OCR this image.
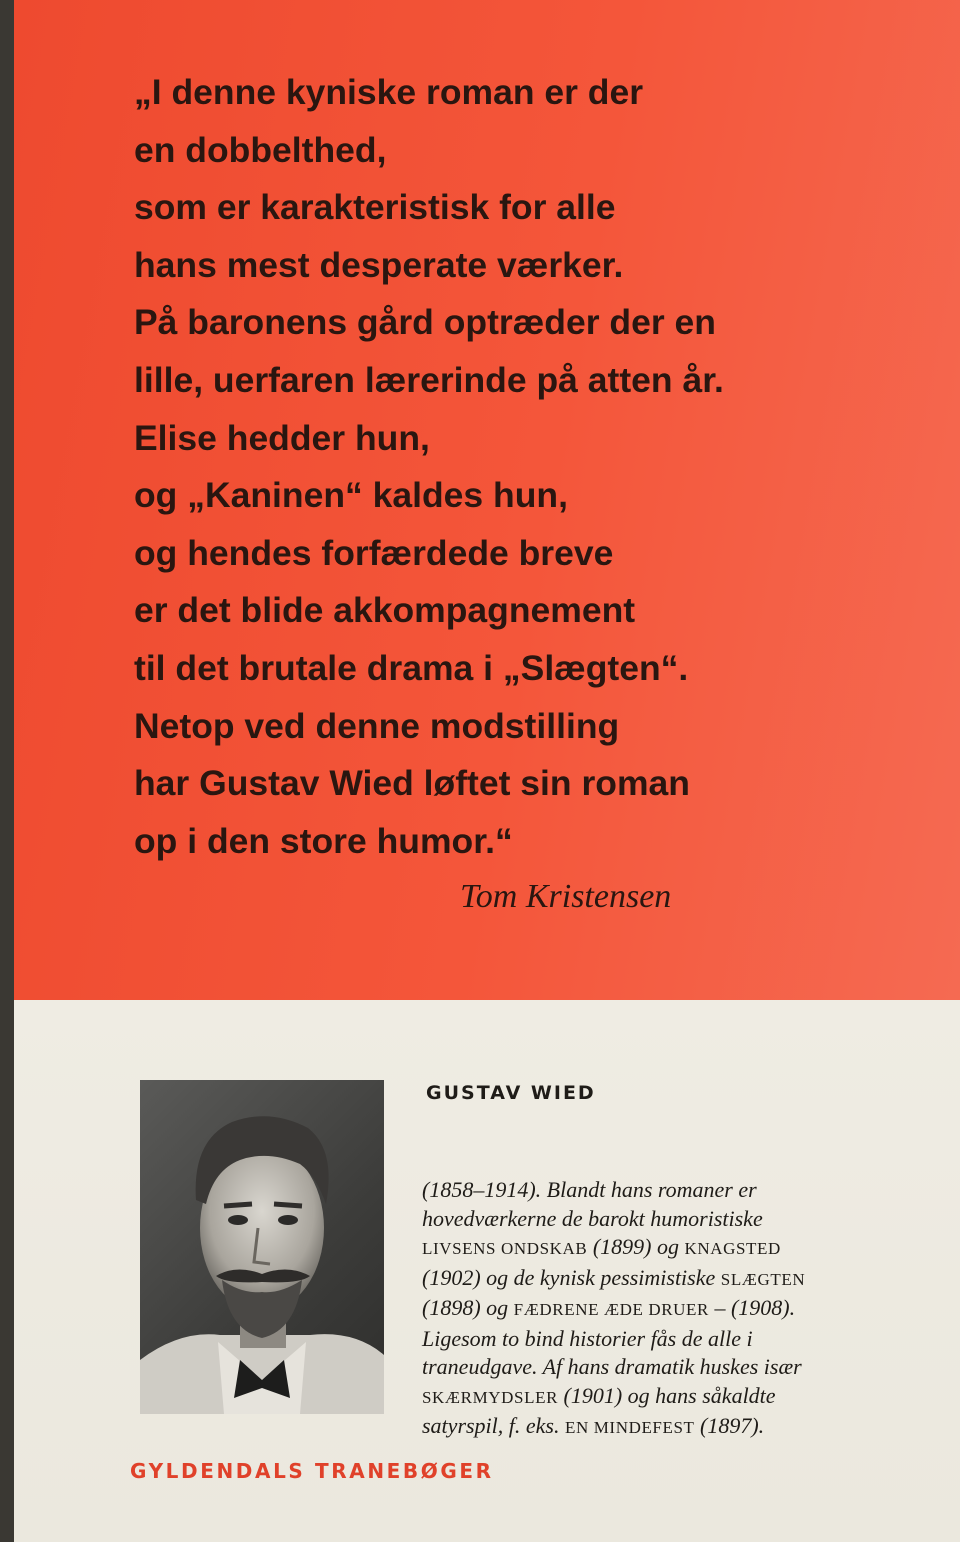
„I denne kyniske roman er der
en dobbelthed,
som er karakteristisk for alle
hans mest desperate værker.
På baronens gård optræder der en
lille, uerfaren lærerinde på atten år.
Elise hedder hun,
og „Kaninen“ kaldes hun,
og hendes forfærdede breve
er det blide akkompagnement
til det brutale drama i „Slægten“.
Netop ved denne modstilling
har Gustav Wied løftet sin roman
op i den store humor.“
Tom Kristensen
GUSTAV WIED
(1858–1914). Blandt hans romaner er
hovedværkerne de barokt humoristiske
LIVSENS ONDSKAB (1899) og KNAGSTED
(1902) og de kynisk pessimistiske SLÆGTEN
(1898) og FÆDRENE ÆDE DRUER – (1908).
Ligesom to bind historier fås de alle i
traneudgave. Af hans dramatik huskes især
SKÆRMYDSLER (1901) og hans såkaldte
satyrspil, f. eks. EN MINDEFEST (1897).
GYLDENDALS TRANEBØGER
